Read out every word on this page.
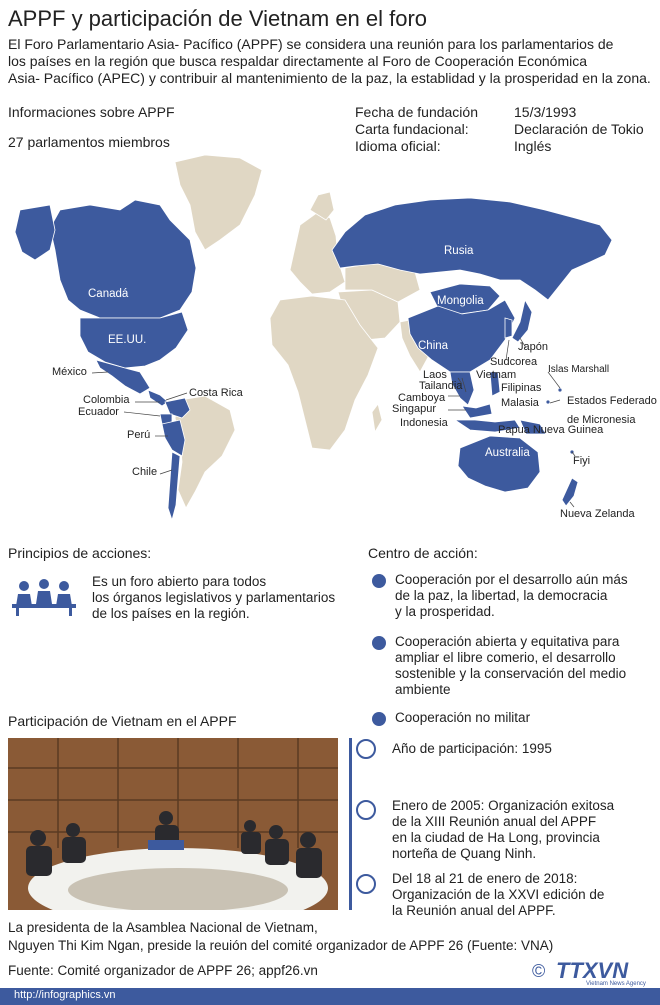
APPF y participación de Vietnam en el foro
El Foro Parlamentario Asia- Pacífico (APPF) se considera una reunión para los parlamentarios de
los países en la región que busca respaldar directamente al Foro de Cooperación Económica
Asia- Pacífico (APEC) y contribuir al mantenimiento de la paz, la establidad y la prosperidad en la zona.
Informaciones sobre APPF
27 parlamentos miembros
Fecha de fundación	15/3/1993
Carta fundacional:	Declaración de Tokio
Idioma oficial:	Inglés
Canadá
EE.UU.
México
Costa Rica
Colombia
Ecuador
Perú
Chile
Rusia
Mongolia
China	Japón
Sudcorea
Laos	Vietnam
Tailandia
Camboya
Singapur
Indonesia
Filipinas
Malasia
Islas Marshall
Estados Federado
de Micronesia
Papua Nueva Guinea
Australia
Fiyi
Nueva Zelanda
Principios de acciones:
Es un foro abierto para todos
los órganos legislativos y parlamentarios
de los países en la región.
Centro de acción:
Cooperación por el desarrollo aún más
de la paz, la libertad, la democracia
y la prosperidad.
Cooperación abierta y equitativa para
ampliar el libre comerio, el desarrollo
sostenible y la conservación del medio
ambiente
Cooperación no militar
Participación de Vietnam en el APPF
Año de participación: 1995
Enero de 2005: Organización exitosa
de la XIII Reunión anual del APPF
en la ciudad de Ha Long, provincia
norteña de Quang Ninh.
Del 18 al 21 de enero de 2018:
Organización de la XXVI edición de
la Reunión anual del APPF.
La presidenta de la Asamblea Nacional de Vietnam,
Nguyen Thi Kim Ngan, preside la reuión del comité organizador de APPF 26 (Fuente: VNA)
Fuente: Comité organizador de APPF 26; appf26.vn	© TTXVN
Vietnam News Agency
http://infographics.vn
